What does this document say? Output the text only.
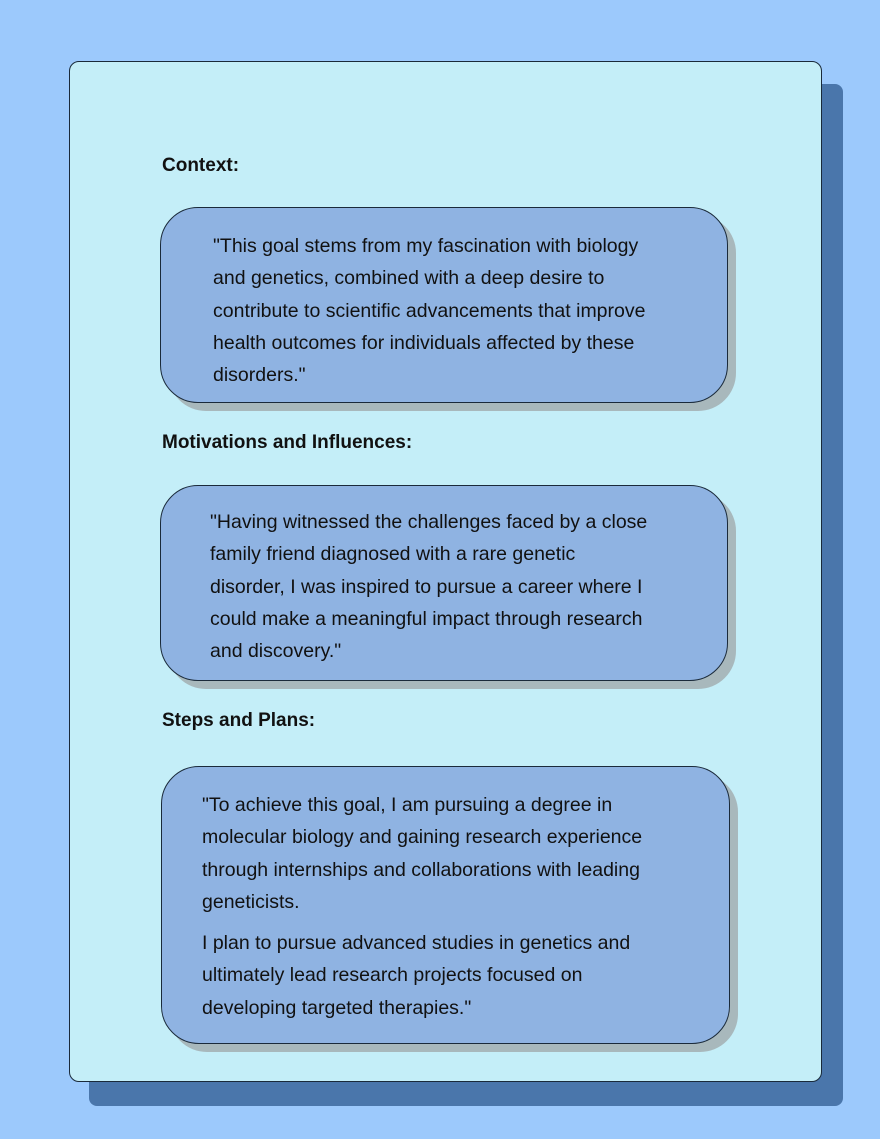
Context:
"This goal stems from my fascination with biology
and genetics, combined with a deep desire to
contribute to scientific advancements that improve
health outcomes for individuals affected by these
disorders."
Motivations and Influences:
"Having witnessed the challenges faced by a close
family friend diagnosed with a rare genetic
disorder, I was inspired to pursue a career where I
could make a meaningful impact through research
and discovery."
Steps and Plans:
"To achieve this goal, I am pursuing a degree in
molecular biology and gaining research experience
through internships and collaborations with leading
geneticists.
I plan to pursue advanced studies in genetics and
ultimately lead research projects focused on
developing targeted therapies."
